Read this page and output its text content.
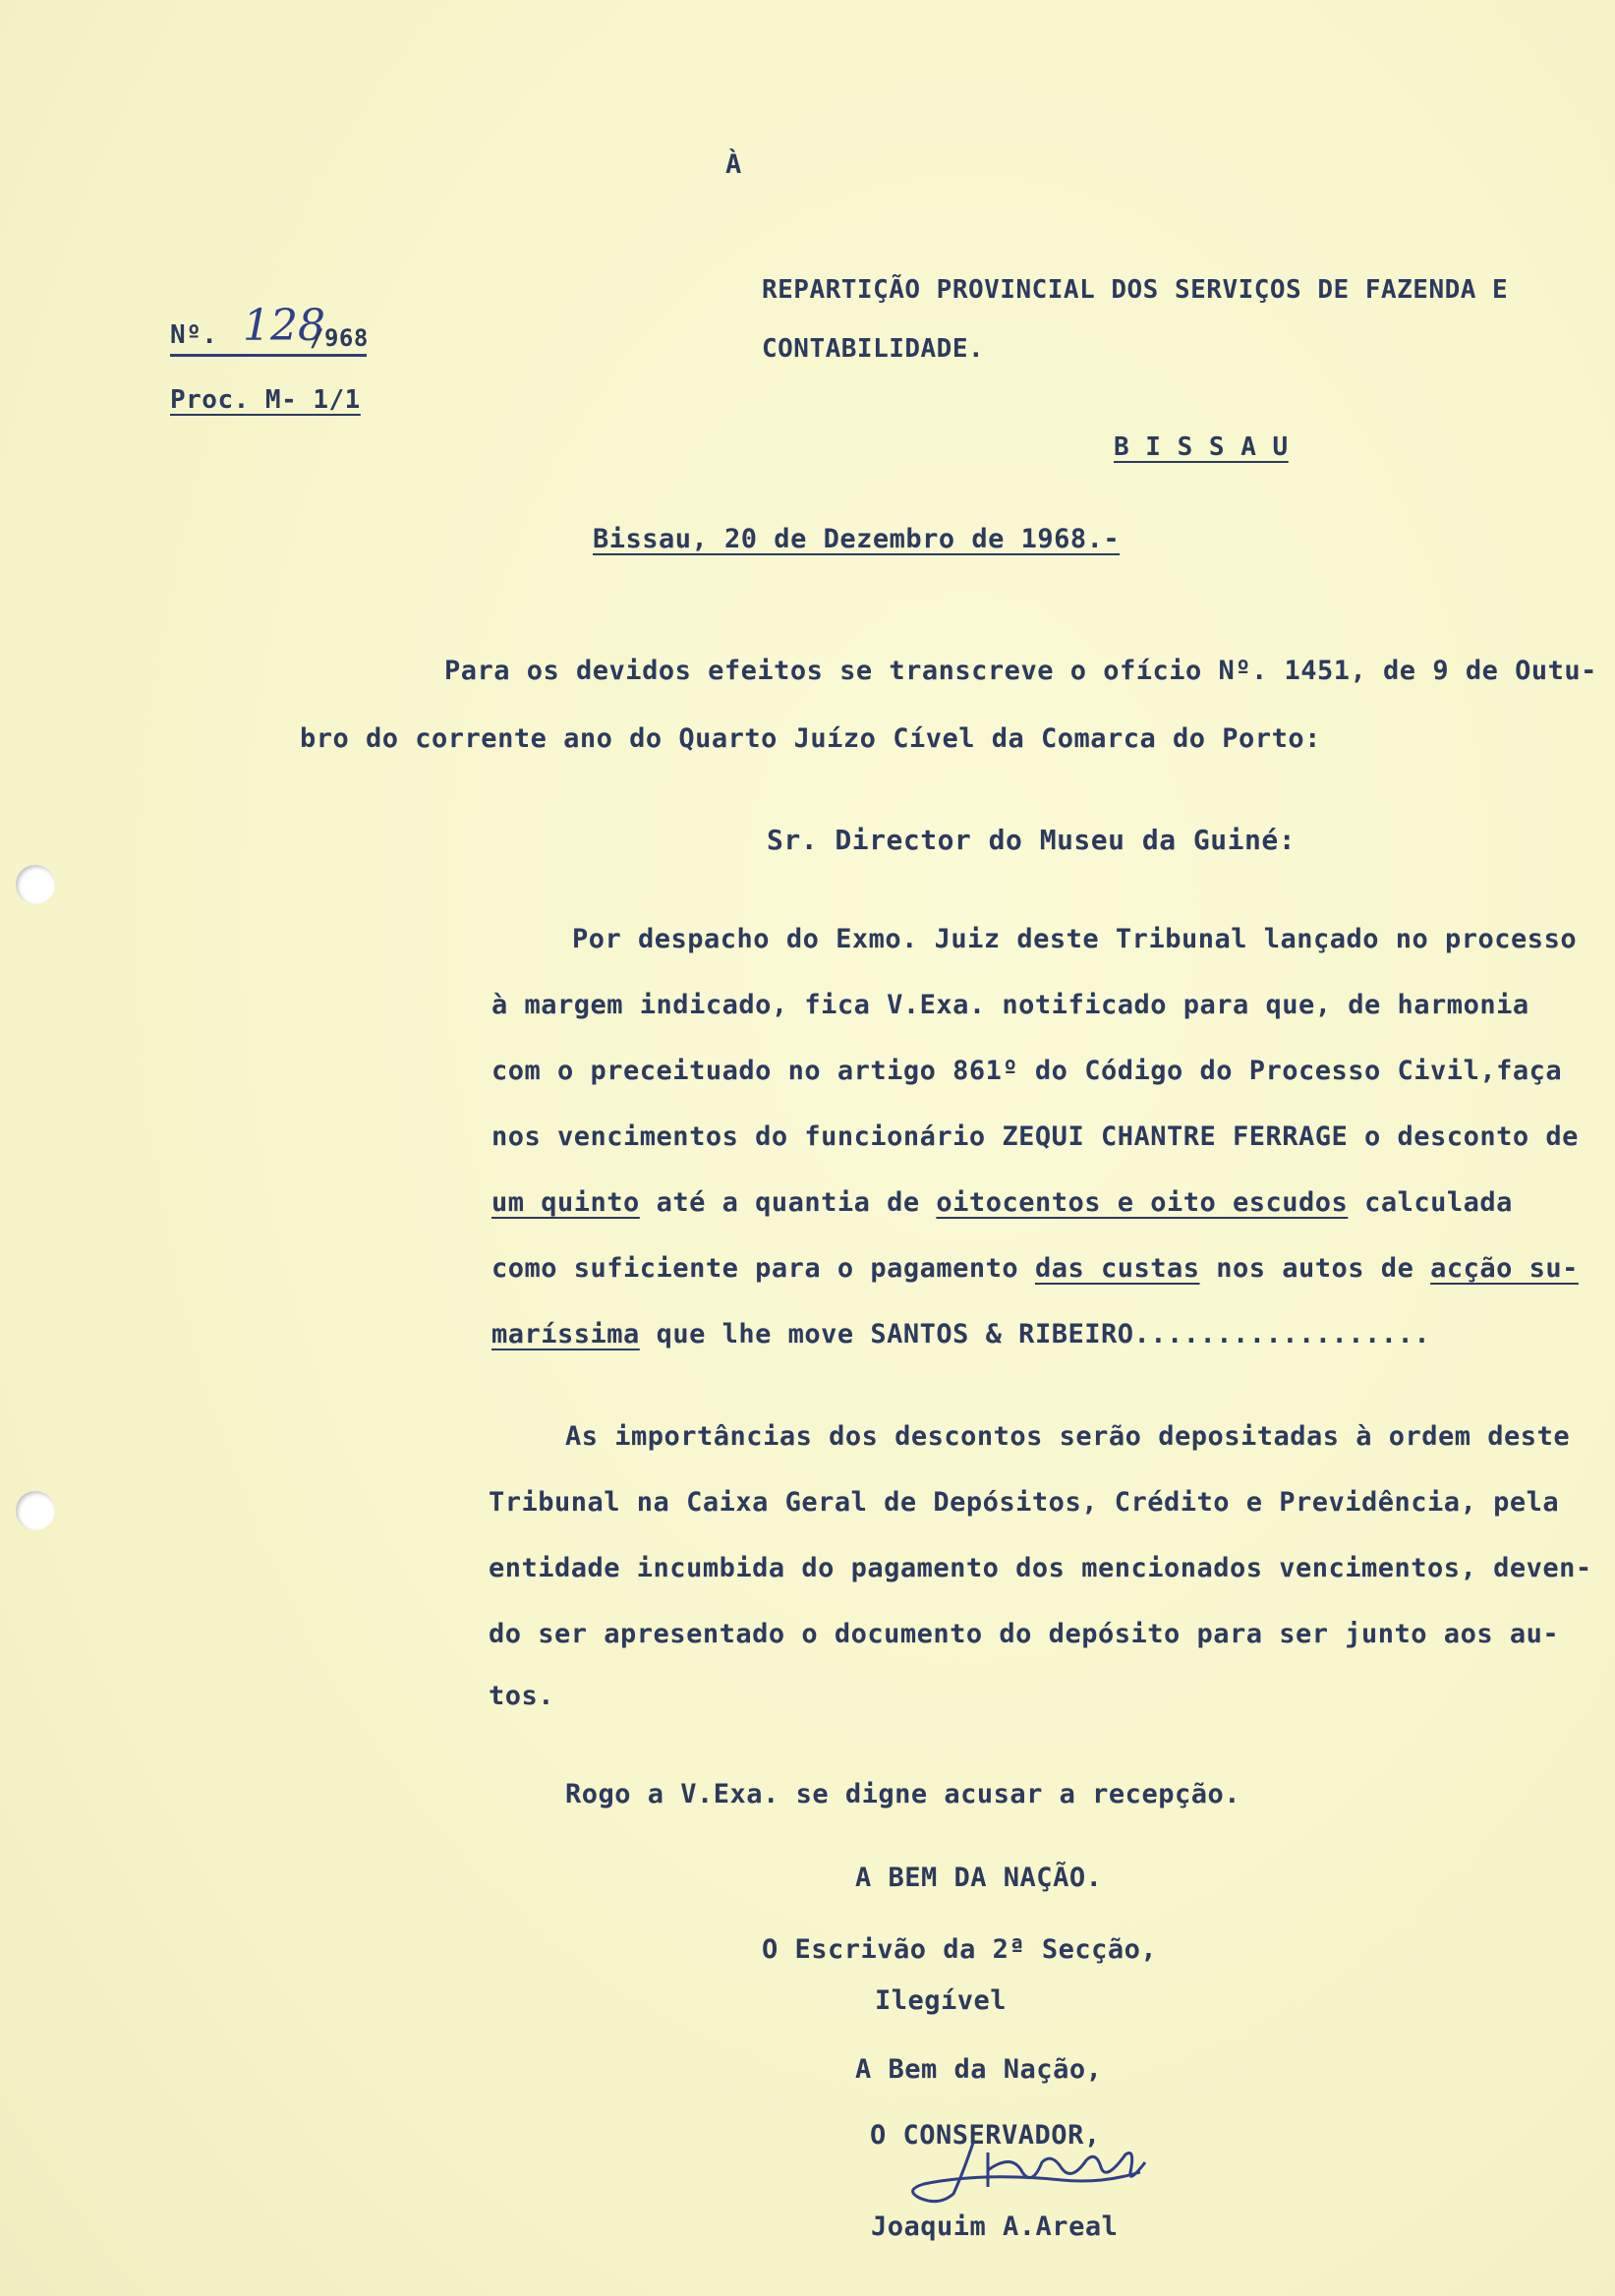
À
REPARTIÇÃO PROVINCIAL DOS SERVIÇOS DE FAZENDA E
CONTABILIDADE.
B I S S A U
Nº. 128
/968
Proc. M- 1/1
Bissau, 20 de Dezembro de 1968.-
Para os devidos efeitos se transcreve o ofício Nº. 1451, de 9 de Outu-
bro do corrente ano do Quarto Juízo Cível da Comarca do Porto:
Sr. Director do Museu da Guiné:
Por despacho do Exmo. Juiz deste Tribunal lançado no processo
à margem indicado, fica V.Exa. notificado para que, de harmonia
com o preceituado no artigo 861º do Código do Processo Civil,faça
nos vencimentos do funcionário ZEQUI CHANTRE FERRAGE o desconto de
um quinto até a quantia de oitocentos e oito escudos calculada
como suficiente para o pagamento das custas nos autos de acção su-
maríssima que lhe move SANTOS & RIBEIRO..................
As importâncias dos descontos serão depositadas à ordem deste
Tribunal na Caixa Geral de Depósitos, Crédito e Previdência, pela
entidade incumbida do pagamento dos mencionados vencimentos, deven-
do ser apresentado o documento do depósito para ser junto aos au-
tos.
Rogo a V.Exa. se digne acusar a recepção.
A BEM DA NAÇÃO.
O Escrivão da 2ª Secção,
Ilegível
A Bem da Nação,
O CONSERVADOR,
Joaquim A.Areal
